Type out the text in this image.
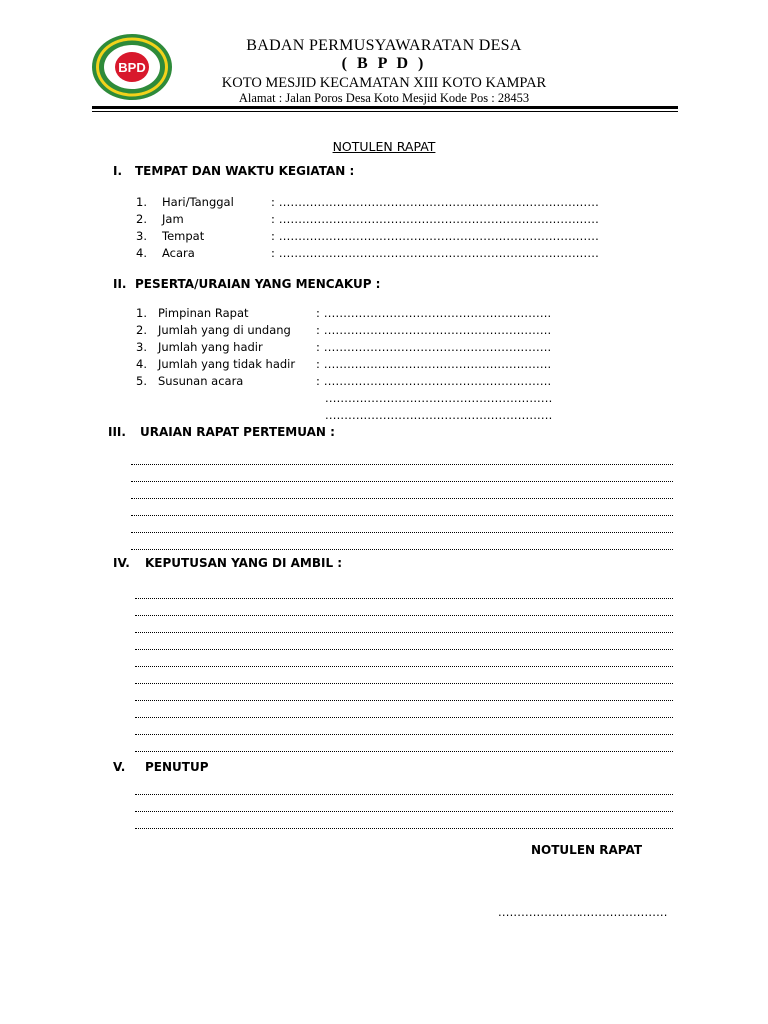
BPD
BADAN PERMUSYAWARATAN DESA
( B P D )
KOTO MESJID KECAMATAN XIII KOTO KAMPAR
Alamat : Jalan Poros Desa Koto Mesjid Kode Pos : 28453
NOTULEN RAPAT
I. TEMPAT DAN WAKTU KEGIATAN :
1. Hari/Tanggal	: ...................................................................................
2. Jam	: ...................................................................................
3. Tempat	: ...................................................................................
4. Acara	: ...................................................................................
II. PESERTA/URAIAN YANG MENCAKUP :
1. Pimpinan Rapat	: ...........................................................
2. Jumlah yang di undang : ...........................................................
3. Jumlah yang hadir	: ...........................................................
4. Jumlah yang tidak hadir : ...........................................................
5. Susunan acara	: ...........................................................
...........................................................
...........................................................
III. URAIAN RAPAT PERTEMUAN :
IV. KEPUTUSAN YANG DI AMBIL :
V. PENUTUP
NOTULEN RAPAT
............................................
